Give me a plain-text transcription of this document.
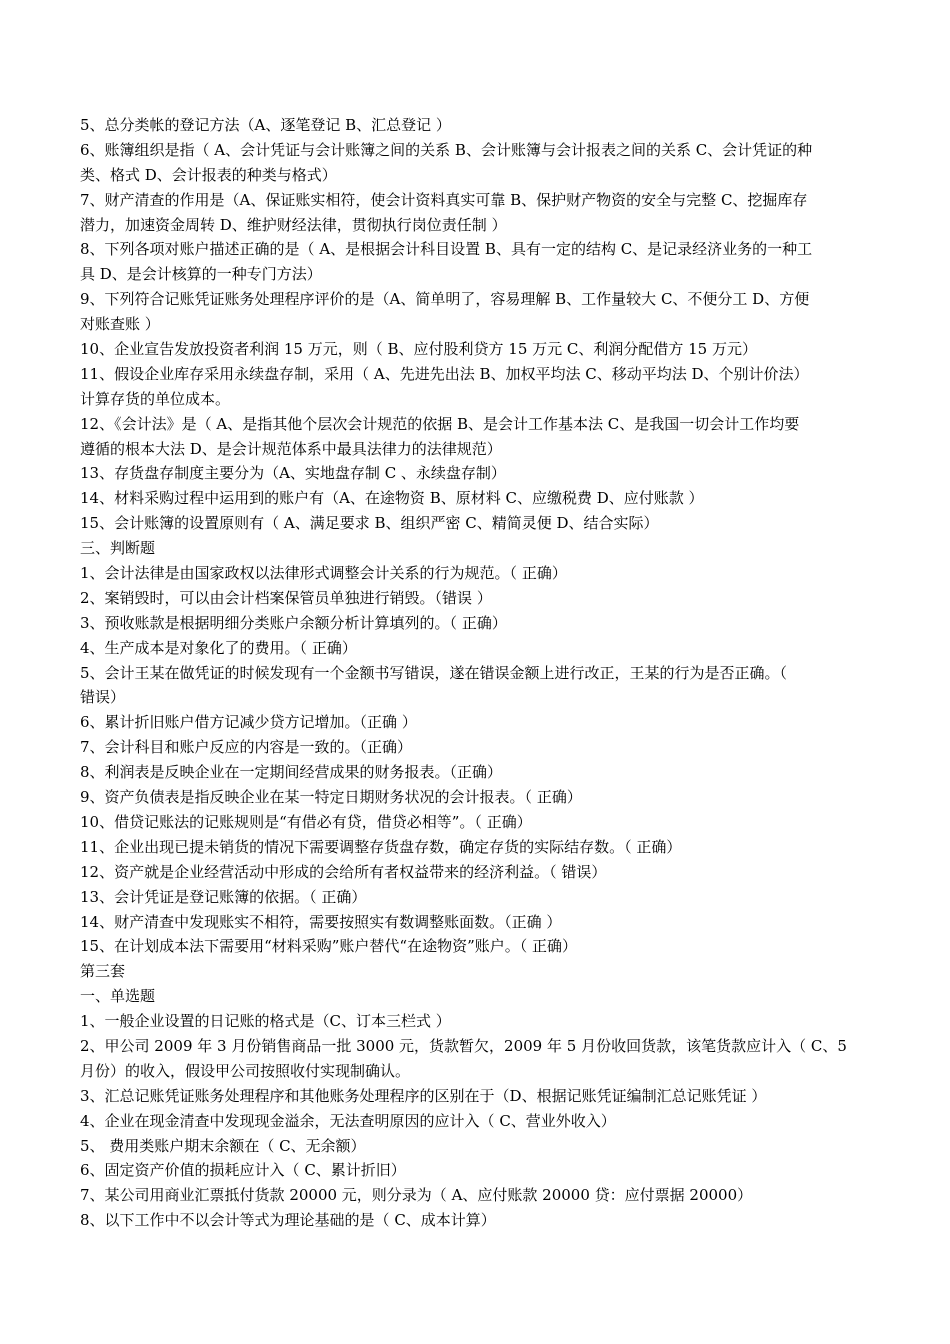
5、总分类帐的登记方法（A、逐笔登记 B、汇总登记 ）
6、账簿组织是指（ A、会计凭证与会计账簿之间的关系 B、会计账簿与会计报表之间的关系 C、会计凭证的种
类、格式 D、会计报表的种类与格式）
7、财产清查的作用是（A、保证账实相符，使会计资料真实可靠 B、保护财产物资的安全与完整 C、挖掘库存
潜力，加速资金周转 D、维护财经法律，贯彻执行岗位责任制 ）
8、下列各项对账户描述正确的是（ A、是根据会计科目设置 B、具有一定的结构 C、是记录经济业务的一种工
具 D、是会计核算的一种专门方法）
9、下列符合记账凭证账务处理程序评价的是（A、简单明了，容易理解 B、工作量较大 C、不便分工 D、方便
对账查账 ）
10、企业宣告发放投资者利润 15 万元，则（ B、应付股利贷方 15 万元 C、利润分配借方 15 万元）
11、假设企业库存采用永续盘存制，采用（ A、先进先出法 B、加权平均法 C、移动平均法 D、个别计价法）
计算存货的单位成本。
12、《会计法》是（ A、是指其他个层次会计规范的依据 B、是会计工作基本法 C、是我国一切会计工作均要
遵循的根本大法 D、是会计规范体系中最具法律力的法律规范）
13、存货盘存制度主要分为（A、实地盘存制 C 、永续盘存制）
14、材料采购过程中运用到的账户有（A、在途物资 B、原材料 C、应缴税费 D、应付账款 ）
15、会计账簿的设置原则有（ A、满足要求 B、组织严密 C、精简灵便 D、结合实际）
三、判断题
1、会计法律是由国家政权以法律形式调整会计关系的行为规范。（ 正确）
2、案销毁时，可以由会计档案保管员单独进行销毁。（错误 ）
3、预收账款是根据明细分类账户余额分析计算填列的。（ 正确）
4、生产成本是对象化了的费用。（ 正确）
5、会计王某在做凭证的时候发现有一个金额书写错误，遂在错误金额上进行改正，王某的行为是否正确。（
错误）
6、累计折旧账户借方记减少贷方记增加。（正确 ）
7、会计科目和账户反应的内容是一致的。（正确）
8、利润表是反映企业在一定期间经营成果的财务报表。（正确）
9、资产负债表是指反映企业在某一特定日期财务状况的会计报表。（ 正确）
10、借贷记账法的记账规则是“有借必有贷，借贷必相等”。（ 正确）
11、企业出现已提未销货的情况下需要调整存货盘存数，确定存货的实际结存数。（ 正确）
12、资产就是企业经营活动中形成的会给所有者权益带来的经济利益。（ 错误）
13、会计凭证是登记账簿的依据。（ 正确）
14、财产清查中发现账实不相符，需要按照实有数调整账面数。（正确 ）
15、在计划成本法下需要用“材料采购”账户替代“在途物资”账户。（ 正确）
第三套
一、单选题
1、一般企业设置的日记账的格式是（C、订本三栏式 ）
2、甲公司 2009 年 3 月份销售商品一批 3000 元，货款暂欠，2009 年 5 月份收回货款，该笔货款应计入（ C、5
月份）的收入，假设甲公司按照收付实现制确认。
3、汇总记账凭证账务处理程序和其他账务处理程序的区别在于（D、根据记账凭证编制汇总记账凭证 ）
4、企业在现金清查中发现现金溢余，无法查明原因的应计入（ C、营业外收入）
5、 费用类账户期末余额在（ C、无余额）
6、固定资产价值的损耗应计入（ C、累计折旧）
7、某公司用商业汇票抵付货款 20000 元，则分录为（ A、应付账款 20000 贷：应付票据 20000）
8、以下工作中不以会计等式为理论基础的是（ C、成本计算）
